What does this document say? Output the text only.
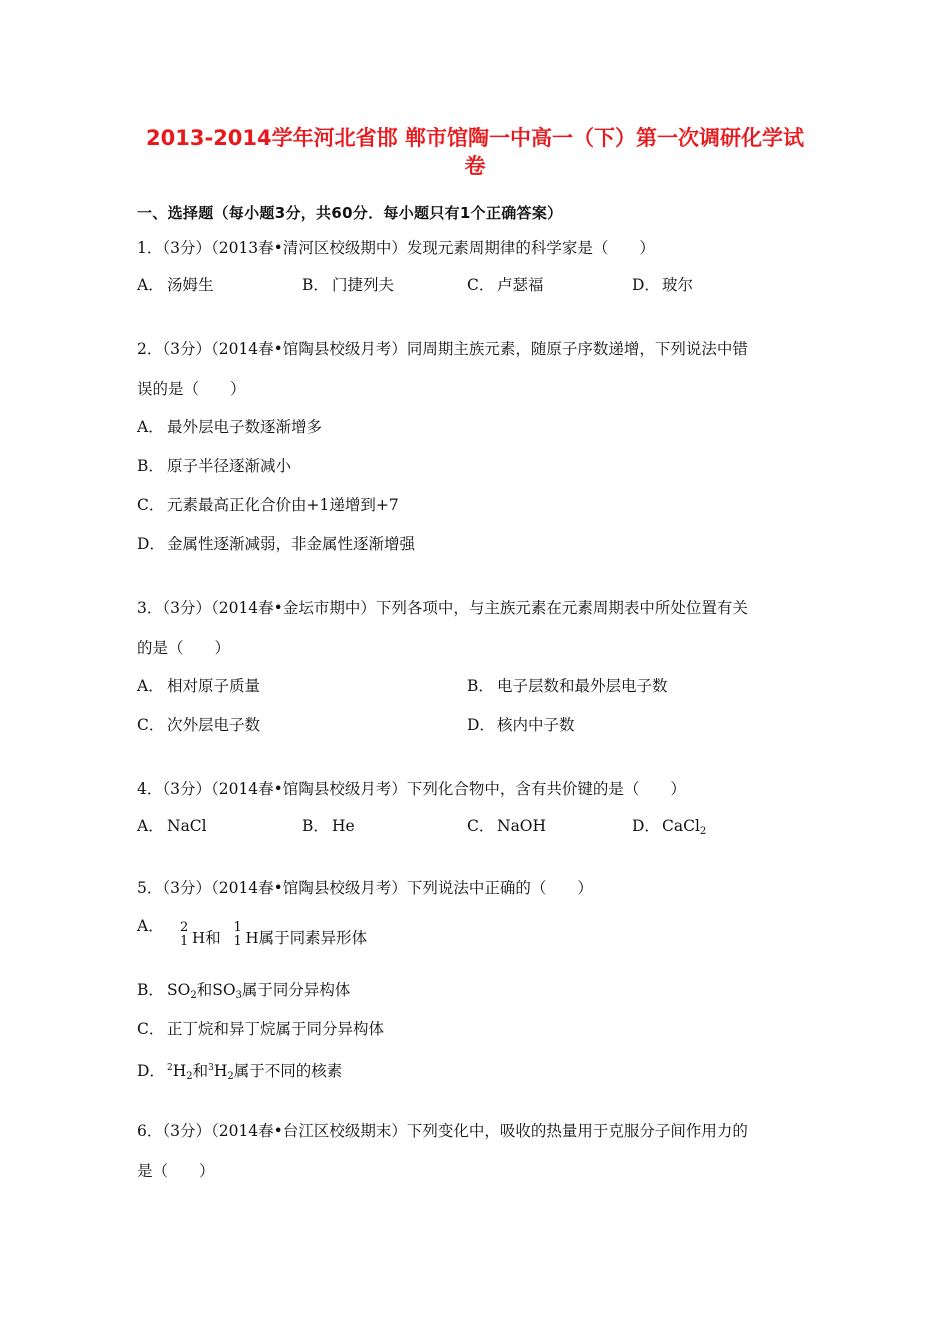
2013-2014学年河北省邯 郸市馆陶一中高一（下）第一次调研化学试
卷
一、选择题（每小题3分，共60分．每小题只有1个正确答案）
1．（3分）（2013春•清河区校级期中）发现元素周期律的科学家是（　　）
A． 汤姆生	B． 门捷列夫	C． 卢瑟福	D． 玻尔
2．（3分）（2014春•馆陶县校级月考）同周期主族元素，随原子序数递增，下列说法中错
误的是（　　）
A． 最外层电子数逐渐增多
B． 原子半径逐渐减小
C． 元素最高正化合价由+1递增到+7
D． 金属性逐渐减弱，非金属性逐渐增强
3．（3分）（2014春•金坛市期中）下列各项中，与主族元素在元素周期表中所处位置有关
的是（　　）
A． 相对原子质量	B． 电子层数和最外层电子数
C． 次外层电子数	D． 核内中子数
4．（3分）（2014春•馆陶县校级月考）下列化合物中，含有共价键的是（　　）
A． NaCl	B． He	C． NaOH	D． CaCl$_2$
5．（3分）（2014春•馆陶县校级月考）下列说法中正确的（　　）
A． 2
1 H和
1
1 H属于同素异形体
B． $SO_2$和$SO_3$属于同分异构体
C． 正丁烷和异丁烷属于同分异构体
D． $^2H_2$和$^3H_2$属于不同的核素
6．（3分）（2014春•台江区校级期末）下列变化中，吸收的热量用于克服分子间作用力的
是（　　）
